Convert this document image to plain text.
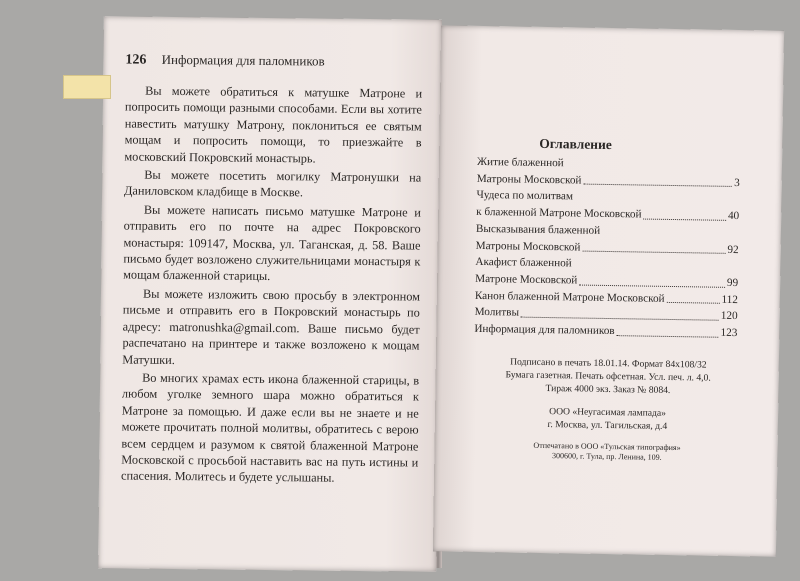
126 Информация для паломников

Вы можете обратиться к матушке Матроне и попросить помощи разными способами. Если вы хотите навестить матушку Матрону, поклониться ее святым мощам и попросить помощи, то приезжайте в московский Покровский монастырь.

Вы можете посетить могилку Матронушки на Даниловском кладбище в Москве.

Вы можете написать письмо матушке Матроне и отправить его по почте на адрес Покровского монастыря: 109147, Москва, ул. Таганская, д. 58. Ваше письмо будет возложено служительницами монастыря к мощам блаженной старицы.

Вы можете изложить свою просьбу в электронном письме и отправить его в Покровский монастырь по адресу: matronushka@gmail.com. Ваше письмо будет распечатано на принтере и также возложено к мощам Матушки.

Во многих храмах есть икона блаженной старицы, в любом уголке земного шара можно обратиться к Матроне за помощью. И даже если вы не знаете и не можете прочитать полной молитвы, обратитесь с верою всем сердцем и разумом к святой блаженной Матроне Московской с просьбой наставить вас на путь истины и спасения. Молитесь и будете услышаны.

Оглавление
Житие блаженной
Матроны Московской	3
Чудеса по молитвам
к блаженной Матроне Московской	40
Высказывания блаженной
Матроны Московской	92
Акафист блаженной
Матроне Московской	99
Канон блаженной Матроне Московской	112
Молитвы	120
Информация для паломников	123
Подписано в печать 18.01.14. Формат 84x108/32
Бумага газетная. Печать офсетная. Усл. печ. л. 4,0.
Тираж 4000 экз. Заказ № 8084.
ООО «Неугасимая лампада»
г. Москва, ул. Тагильская, д.4
Отпечатано в ООО «Тульская типография»
300600, г. Тула, пр. Ленина, 109.
